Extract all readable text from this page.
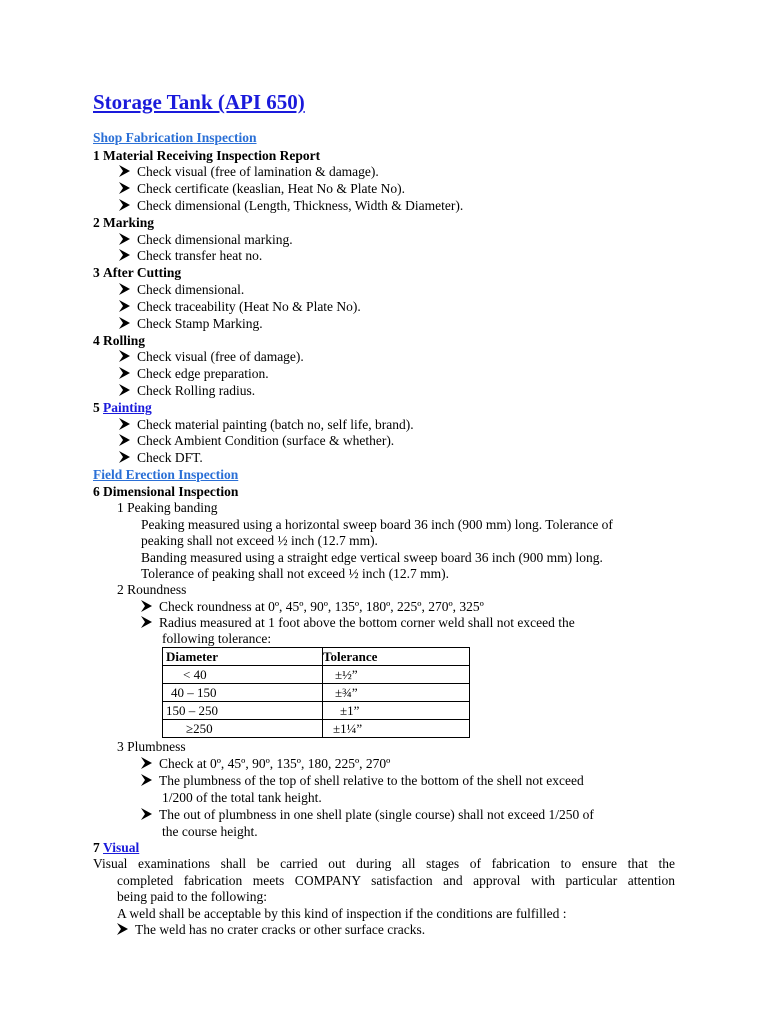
Storage Tank (API 650)
Shop Fabrication Inspection
1 Material Receiving Inspection Report
Check visual (free of lamination & damage).
Check certificate (keaslian, Heat No & Plate No).
Check dimensional (Length, Thickness, Width & Diameter).
2 Marking
Check dimensional marking.
Check transfer heat no.
3 After Cutting
Check dimensional.
Check traceability (Heat No & Plate No).
Check Stamp Marking.
4 Rolling
Check visual (free of damage).
Check edge preparation.
Check Rolling radius.
5 Painting
Check material painting (batch no, self life, brand).
Check Ambient Condition (surface & whether).
Check DFT.
Field Erection Inspection
6 Dimensional Inspection
1 Peaking banding
Peaking measured using a horizontal sweep board 36 inch (900 mm) long. Tolerance of
peaking shall not exceed ½ inch (12.7 mm).
Banding measured using a straight edge vertical sweep board 36 inch (900 mm) long.
Tolerance of peaking shall not exceed ½ inch (12.7 mm).
2 Roundness
Check roundness at 0º, 45º, 90º, 135º, 180º, 225º, 270º, 325º
Radius measured at 1 foot above the bottom corner weld shall not exceed the
following tolerance:
Diameter	Tolerance
< 40	±½”
40 – 150	±¾”
150 – 250	±1”
≥250	±1¼”
3 Plumbness
Check at 0º, 45º, 90º, 135º, 180, 225º, 270º
The plumbness of the top of shell relative to the bottom of the shell not exceed
1/200 of the total tank height.
The out of plumbness in one shell plate (single course) shall not exceed 1/250 of
the course height.
7 Visual
Visual examinations shall be carried out during all stages of fabrication to ensure that the
completed fabrication meets COMPANY satisfaction and approval with particular attention
being paid to the following:
A weld shall be acceptable by this kind of inspection if the conditions are fulfilled :
The weld has no crater cracks or other surface cracks.
